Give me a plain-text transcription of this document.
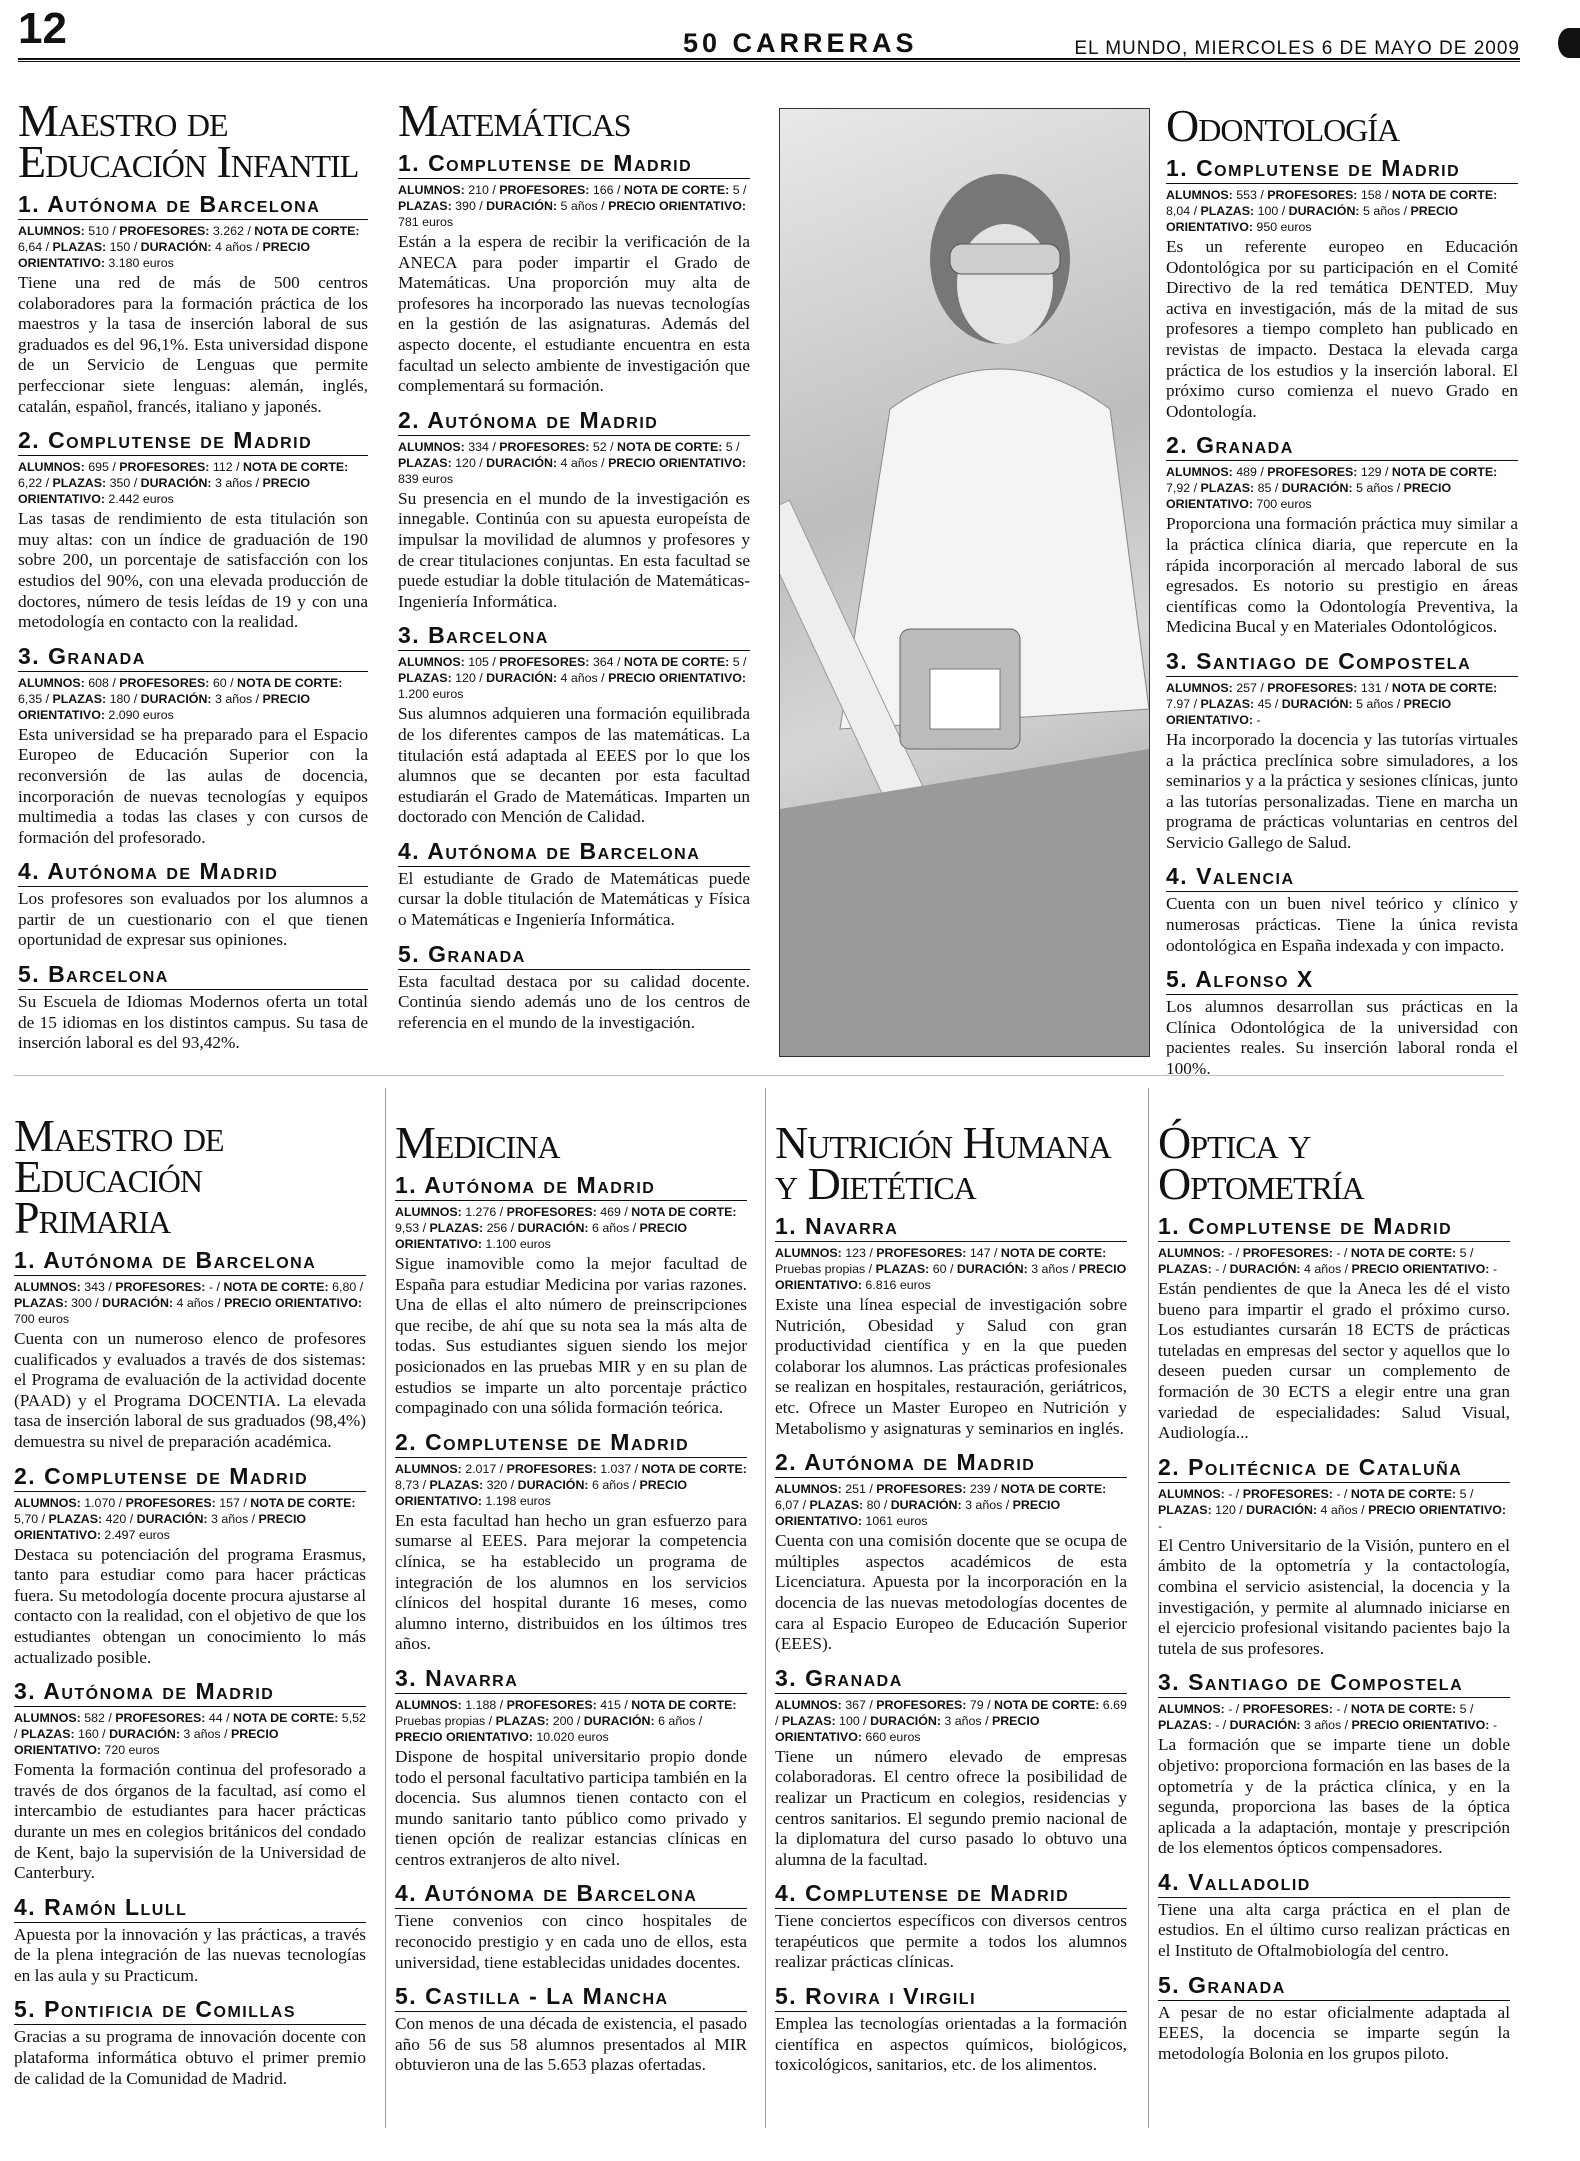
12	50 CARRERAS	EL MUNDO, MIERCOLES 6 DE MAYO DE 2009
Maestro de
Educación Infantil
1. Autónoma de Barcelona
ALUMNOS: 510 / PROFESORES: 3.262 / NOTA DE CORTE: 6,64 / PLAZAS: 150 / DURACIÓN: 4 años / PRECIO ORIENTATIVO: 3.180 euros

Tiene una red de más de 500 centros colaboradores para la formación práctica de los maestros y la tasa de inserción laboral de sus graduados es del 96,1%. Esta universidad dispone de un Servicio de Lenguas que permite perfeccionar siete lenguas: alemán, inglés, catalán, español, francés, italiano y japonés.

2. Complutense de Madrid
ALUMNOS: 695 / PROFESORES: 112 / NOTA DE CORTE: 6,22 / PLAZAS: 350 / DURACIÓN: 3 años / PRECIO ORIENTATIVO: 2.442 euros

Las tasas de rendimiento de esta titulación son muy altas: con un índice de graduación de 190 sobre 200, un porcentaje de satisfacción con los estudios del 90%, con una elevada producción de doctores, número de tesis leídas de 19 y con una metodología en contacto con la realidad.

3. Granada
ALUMNOS: 608 / PROFESORES: 60 / NOTA DE CORTE: 6,35 / PLAZAS: 180 / DURACIÓN: 3 años / PRECIO ORIENTATIVO: 2.090 euros

Esta universidad se ha preparado para el Espacio Europeo de Educación Superior con la reconversión de las aulas de docencia, incorporación de nuevas tecnologías y equipos multimedia a todas las clases y con cursos de formación del profesorado.

4. Autónoma de Madrid

Los profesores son evaluados por los alumnos a partir de un cuestionario con el que tienen oportunidad de expresar sus opiniones.

5. Barcelona

Su Escuela de Idiomas Modernos oferta un total de 15 idiomas en los distintos campus. Su tasa de inserción laboral es del 93,42%.

Matemáticas
1. Complutense de Madrid
ALUMNOS: 210 / PROFESORES: 166 / NOTA DE CORTE: 5 / PLAZAS: 390 / DURACIÓN: 5 años / PRECIO ORIENTATIVO: 781 euros

Están a la espera de recibir la verificación de la ANECA para poder impartir el Grado de Matemáticas. Una proporción muy alta de profesores ha incorporado las nuevas tecnologías en la gestión de las asignaturas. Además del aspecto docente, el estudiante encuentra en esta facultad un selecto ambiente de investigación que complementará su formación.

2. Autónoma de Madrid
ALUMNOS: 334 / PROFESORES: 52 / NOTA DE CORTE: 5 / PLAZAS: 120 / DURACIÓN: 4 años / PRECIO ORIENTATIVO: 839 euros

Su presencia en el mundo de la investigación es innegable. Continúa con su apuesta europeísta de impulsar la movilidad de alumnos y profesores y de crear titulaciones conjuntas. En esta facultad se puede estudiar la doble titulación de Matemáticas-Ingeniería Informática.

3. Barcelona
ALUMNOS: 105 / PROFESORES: 364 / NOTA DE CORTE: 5 / PLAZAS: 120 / DURACIÓN: 4 años / PRECIO ORIENTATIVO: 1.200 euros

Sus alumnos adquieren una formación equilibrada de los diferentes campos de las matemáticas. La titulación está adaptada al EEES por lo que los alumnos que se decanten por esta facultad estudiarán el Grado de Matemáticas. Imparten un doctorado con Mención de Calidad.

4. Autónoma de Barcelona

El estudiante de Grado de Matemáticas puede cursar la doble titulación de Matemáticas y Física o Matemáticas e Ingeniería Informática.

5. Granada

Esta facultad destaca por su calidad docente. Continúa siendo además uno de los centros de referencia en el mundo de la investigación.

Odontología
1. Complutense de Madrid
ALUMNOS: 553 / PROFESORES: 158 / NOTA DE CORTE: 8,04 / PLAZAS: 100 / DURACIÓN: 5 años / PRECIO ORIENTATIVO: 950 euros

Es un referente europeo en Educación Odontológica por su participación en el Comité Directivo de la red temática DENTED. Muy activa en investigación, más de la mitad de sus profesores a tiempo completo han publicado en revistas de impacto. Destaca la elevada carga práctica de los estudios y la inserción laboral. El próximo curso comienza el nuevo Grado en Odontología.

2. Granada
ALUMNOS: 489 / PROFESORES: 129 / NOTA DE CORTE: 7,92 / PLAZAS: 85 / DURACIÓN: 5 años / PRECIO ORIENTATIVO: 700 euros

Proporciona una formación práctica muy similar a la práctica clínica diaria, que repercute en la rápida incorporación al mercado laboral de sus egresados. Es notorio su prestigio en áreas científicas como la Odontología Preventiva, la Medicina Bucal y en Materiales Odontológicos.

3. Santiago de Compostela
ALUMNOS: 257 / PROFESORES: 131 / NOTA DE CORTE: 7.97 / PLAZAS: 45 / DURACIÓN: 5 años / PRECIO ORIENTATIVO: -

Ha incorporado la docencia y las tutorías virtuales a la práctica preclínica sobre simuladores, a los seminarios y a la práctica y sesiones clínicas, junto a las tutorías personalizadas. Tiene en marcha un programa de prácticas voluntarias en centros del Servicio Gallego de Salud.

4. Valencia

Cuenta con un buen nivel teórico y clínico y numerosas prácticas. Tiene la única revista odontológica en España indexada y con impacto.

5. Alfonso X

Los alumnos desarrollan sus prácticas en la Clínica Odontológica de la universidad con pacientes reales. Su inserción laboral ronda el 100%.

Maestro de
Educación Primaria
1. Autónoma de Barcelona
ALUMNOS: 343 / PROFESORES: - / NOTA DE CORTE: 6,80 / PLAZAS: 300 / DURACIÓN: 4 años / PRECIO ORIENTATIVO: 700 euros

Cuenta con un numeroso elenco de profesores cualificados y evaluados a través de dos sistemas: el Programa de evaluación de la actividad docente (PAAD) y el Programa DOCENTIA. La elevada tasa de inserción laboral de sus graduados (98,4%) demuestra su nivel de preparación académica.

2. Complutense de Madrid
ALUMNOS: 1.070 / PROFESORES: 157 / NOTA DE CORTE: 5,70 / PLAZAS: 420 / DURACIÓN: 3 años / PRECIO ORIENTATIVO: 2.497 euros

Destaca su potenciación del programa Erasmus, tanto para estudiar como para hacer prácticas fuera. Su metodología docente procura ajustarse al contacto con la realidad, con el objetivo de que los estudiantes obtengan un conocimiento lo más actualizado posible.

3. Autónoma de Madrid
ALUMNOS: 582 / PROFESORES: 44 / NOTA DE CORTE: 5,52 / PLAZAS: 160 / DURACIÓN: 3 años / PRECIO ORIENTATIVO: 720 euros

Fomenta la formación continua del profesorado a través de dos órganos de la facultad, así como el intercambio de estudiantes para hacer prácticas durante un mes en colegios británicos del condado de Kent, bajo la supervisión de la Universidad de Canterbury.

4. Ramón Llull

Apuesta por la innovación y las prácticas, a través de la plena integración de las nuevas tecnologías en las aula y su Practicum.

5. Pontificia de Comillas

Gracias a su programa de innovación docente con plataforma informática obtuvo el primer premio de calidad de la Comunidad de Madrid.

Medicina
1. Autónoma de Madrid
ALUMNOS: 1.276 / PROFESORES: 469 / NOTA DE CORTE: 9,53 / PLAZAS: 256 / DURACIÓN: 6 años / PRECIO ORIENTATIVO: 1.100 euros

Sigue inamovible como la mejor facultad de España para estudiar Medicina por varias razones. Una de ellas el alto número de preinscripciones que recibe, de ahí que su nota sea la más alta de todas. Sus estudiantes siguen siendo los mejor posicionados en las pruebas MIR y en su plan de estudios se imparte un alto porcentaje práctico compaginado con una sólida formación teórica.

2. Complutense de Madrid
ALUMNOS: 2.017 / PROFESORES: 1.037 / NOTA DE CORTE: 8,73 / PLAZAS: 320 / DURACIÓN: 6 años / PRECIO ORIENTATIVO: 1.198 euros

En esta facultad han hecho un gran esfuerzo para sumarse al EEES. Para mejorar la competencia clínica, se ha establecido un programa de integración de los alumnos en los servicios clínicos del hospital durante 16 meses, como alumno interno, distribuidos en los últimos tres años.

3. Navarra
ALUMNOS: 1.188 / PROFESORES: 415 / NOTA DE CORTE: Pruebas propias / PLAZAS: 200 / DURACIÓN: 6 años / PRECIO ORIENTATIVO: 10.020 euros

Dispone de hospital universitario propio donde todo el personal facultativo participa también en la docencia. Sus alumnos tienen contacto con el mundo sanitario tanto público como privado y tienen opción de realizar estancias clínicas en centros extranjeros de alto nivel.

4. Autónoma de Barcelona

Tiene convenios con cinco hospitales de reconocido prestigio y en cada uno de ellos, esta universidad, tiene establecidas unidades docentes.

5. Castilla - La Mancha

Con menos de una década de existencia, el pasado año 56 de sus 58 alumnos presentados al MIR obtuvieron una de las 5.653 plazas ofertadas.

Nutrición Humana
y Dietética
1. Navarra
ALUMNOS: 123 / PROFESORES: 147 / NOTA DE CORTE: Pruebas propias / PLAZAS: 60 / DURACIÓN: 3 años / PRECIO ORIENTATIVO: 6.816 euros

Existe una línea especial de investigación sobre Nutrición, Obesidad y Salud con gran productividad científica y en la que pueden colaborar los alumnos. Las prácticas profesionales se realizan en hospitales, restauración, geriátricos, etc. Ofrece un Master Europeo en Nutrición y Metabolismo y asignaturas y seminarios en inglés.

2. Autónoma de Madrid
ALUMNOS: 251 / PROFESORES: 239 / NOTA DE CORTE: 6,07 / PLAZAS: 80 / DURACIÓN: 3 años / PRECIO ORIENTATIVO: 1061 euros

Cuenta con una comisión docente que se ocupa de múltiples aspectos académicos de esta Licenciatura. Apuesta por la incorporación en la docencia de las nuevas metodologías docentes de cara al Espacio Europeo de Educación Superior (EEES).

3. Granada
ALUMNOS: 367 / PROFESORES: 79 / NOTA DE CORTE: 6.69 / PLAZAS: 100 / DURACIÓN: 3 años / PRECIO ORIENTATIVO: 660 euros

Tiene un número elevado de empresas colaboradoras. El centro ofrece la posibilidad de realizar un Practicum en colegios, residencias y centros sanitarios. El segundo premio nacional de la diplomatura del curso pasado lo obtuvo una alumna de la facultad.

4. Complutense de Madrid

Tiene conciertos específicos con diversos centros terapéuticos que permite a todos los alumnos realizar prácticas clínicas.

5. Rovira i Virgili

Emplea las tecnologías orientadas a la formación científica en aspectos químicos, biológicos, toxicológicos, sanitarios, etc. de los alimentos.

Óptica y Optometría
1. Complutense de Madrid
ALUMNOS: - / PROFESORES: - / NOTA DE CORTE: 5 / PLAZAS: - / DURACIÓN: 4 años / PRECIO ORIENTATIVO: -

Están pendientes de que la Aneca les dé el visto bueno para impartir el grado el próximo curso. Los estudiantes cursarán 18 ECTS de prácticas tuteladas en empresas del sector y aquellos que lo deseen pueden cursar un complemento de formación de 30 ECTS a elegir entre una gran variedad de especialidades: Salud Visual, Audiología...

2. Politécnica de Cataluña
ALUMNOS: - / PROFESORES: - / NOTA DE CORTE: 5 / PLAZAS: 120 / DURACIÓN: 4 años / PRECIO ORIENTATIVO: -

El Centro Universitario de la Visión, puntero en el ámbito de la optometría y la contactología, combina el servicio asistencial, la docencia y la investigación, y permite al alumnado iniciarse en el ejercicio profesional visitando pacientes bajo la tutela de sus profesores.

3. Santiago de Compostela
ALUMNOS: - / PROFESORES: - / NOTA DE CORTE: 5 / PLAZAS: - / DURACIÓN: 3 años / PRECIO ORIENTATIVO: -

La formación que se imparte tiene un doble objetivo: proporciona formación en las bases de la optometría y de la práctica clínica, y en la segunda, proporciona las bases de la óptica aplicada a la adaptación, montaje y prescripción de los elementos ópticos compensadores.

4. Valladolid

Tiene una alta carga práctica en el plan de estudios. En el último curso realizan prácticas en el Instituto de Oftalmobiología del centro.

5. Granada

A pesar de no estar oficialmente adaptada al EEES, la docencia se imparte según la metodología Bolonia en los grupos piloto.
